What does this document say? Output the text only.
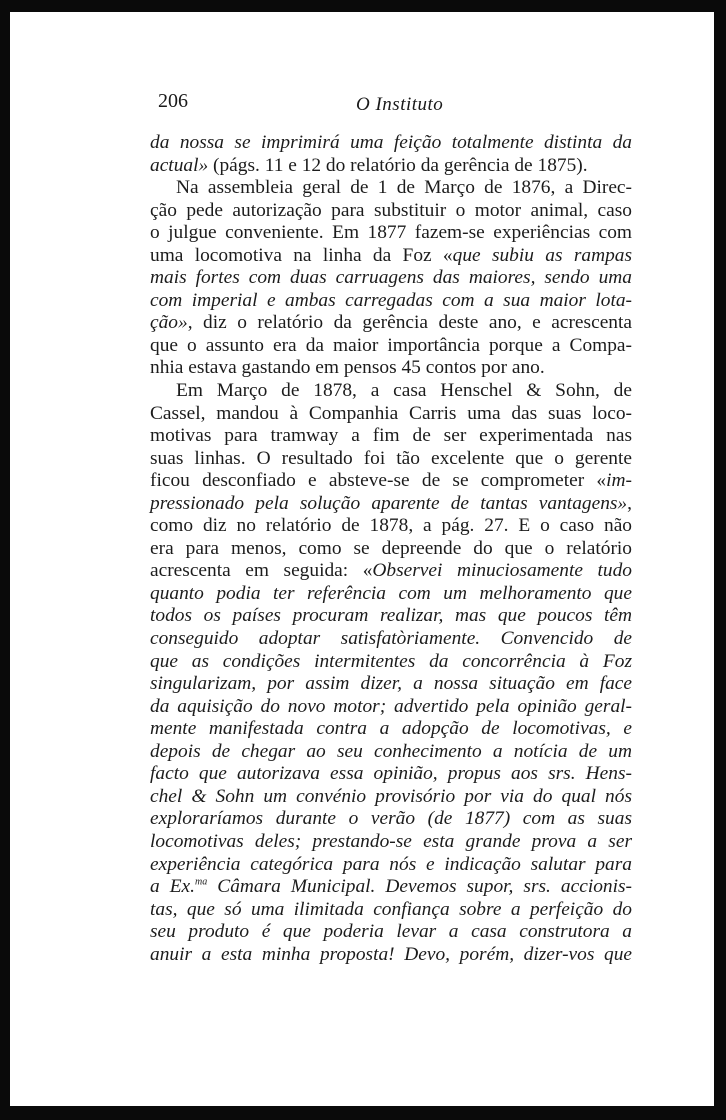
206	O Instituto
da nossa se imprimirá uma feição totalmente distinta da
actual» (págs. 11 e 12 do relatório da gerência de 1875).
Na assembleia geral de 1 de Março de 1876, a Direc-
ção pede autorização para substituir o motor animal, caso
o julgue conveniente. Em 1877 fazem-se experiências com
uma locomotiva na linha da Foz «que subiu as rampas
mais fortes com duas carruagens das maiores, sendo uma
com imperial e ambas carregadas com a sua maior lota-
ção», diz o relatório da gerência deste ano, e acrescenta
que o assunto era da maior importância porque a Compa-
nhia estava gastando em pensos 45 contos por ano.
Em Março de 1878, a casa Henschel & Sohn, de
Cassel, mandou à Companhia Carris uma das suas loco-
motivas para tramway a fim de ser experimentada nas
suas linhas. O resultado foi tão excelente que o gerente
ficou desconfiado e absteve-se de se comprometer «im-
pressionado pela solução aparente de tantas vantagens»,
como diz no relatório de 1878, a pág. 27. E o caso não
era para menos, como se depreende do que o relatório
acrescenta em seguida: «Observei minuciosamente tudo
quanto podia ter referência com um melhoramento que
todos os países procuram realizar, mas que poucos têm
conseguido adoptar satisfatòriamente. Convencido de
que as condições intermitentes da concorrência à Foz
singularizam, por assim dizer, a nossa situação em face
da aquisição do novo motor; advertido pela opinião geral-
mente manifestada contra a adopção de locomotivas, e
depois de chegar ao seu conhecimento a notícia de um
facto que autorizava essa opinião, propus aos srs. Hens-
chel & Sohn um convénio provisório por via do qual nós
exploraríamos durante o verão (de 1877) com as suas
locomotivas deles; prestando-se esta grande prova a ser
experiência categórica para nós e indicação salutar para
a Ex.$^{ma}$ Câmara Municipal. Devemos supor, srs. accionis-
tas, que só uma ilimitada confiança sobre a perfeição do
seu produto é que poderia levar a casa construtora a
anuir a esta minha proposta! Devo, porém, dizer-vos que
